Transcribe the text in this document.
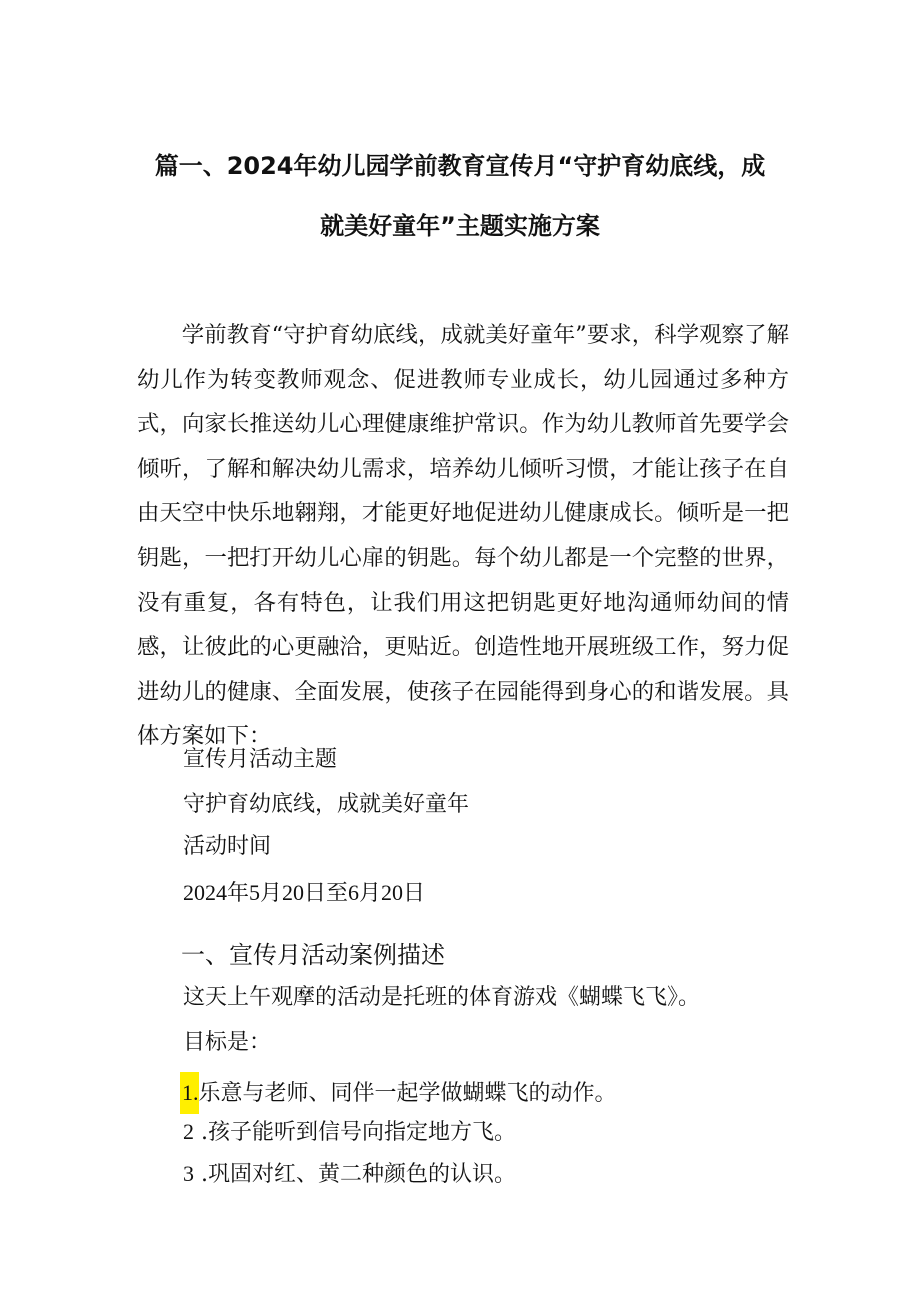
篇一、2024年幼儿园学前教育宣传月“守护育幼底线，成
就美好童年”主题实施方案

学前教育“守护育幼底线，成就美好童年”要求，科学观察了解幼儿作为转变教师观念、促进教师专业成长，幼儿园通过多种方式，向家长推送幼儿心理健康维护常识。作为幼儿教师首先要学会倾听，了解和解决幼儿需求，培养幼儿倾听习惯，才能让孩子在自由天空中快乐地翱翔，才能更好地促进幼儿健康成长。倾听是一把钥匙，一把打开幼儿心扉的钥匙。每个幼儿都是一个完整的世界，没有重复，各有特色，让我们用这把钥匙更好地沟通师幼间的情感，让彼此的心更融洽，更贴近。创造性地开展班级工作，努力促进幼儿的健康、全面发展，使孩子在园能得到身心的和谐发展。具体方案如下：

宣传月活动主题
守护育幼底线，成就美好童年
活动时间
2024年5月20日至6月20日
一、宣传月活动案例描述
这天上午观摩的活动是托班的体育游戏《蝴蝶飞飞》。
目标是：
1.乐意与老师、同伴一起学做蝴蝶飞的动作。
2 .孩子能听到信号向指定地方飞。
3 .巩固对红、黄二种颜色的认识。
